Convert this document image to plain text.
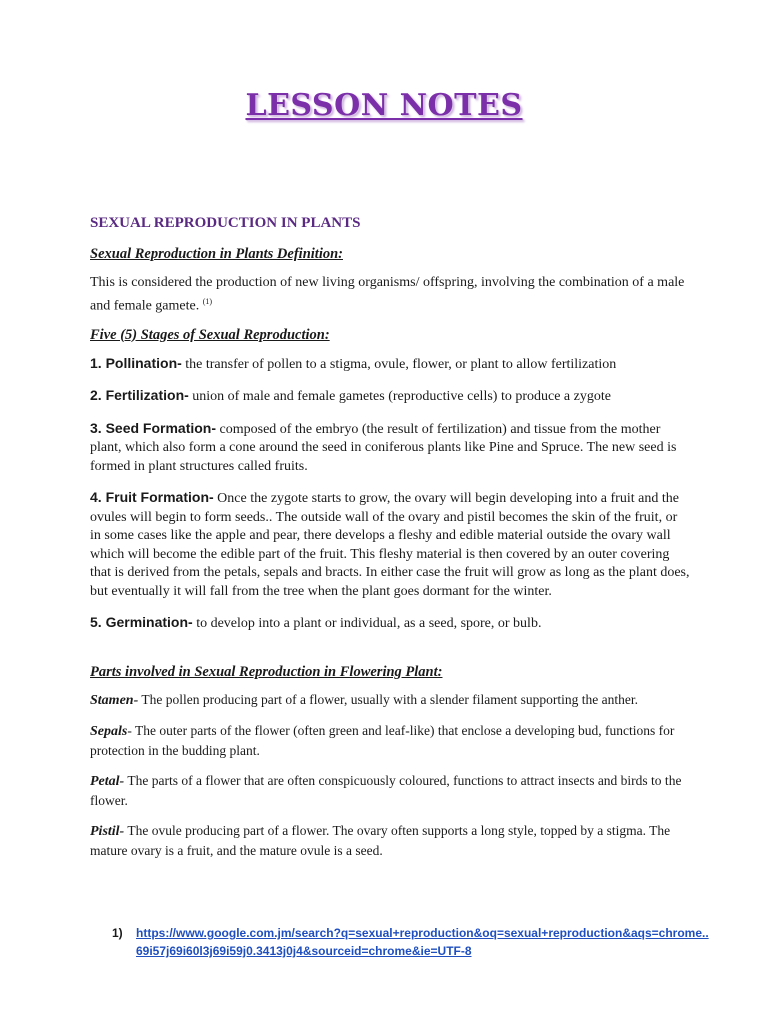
LESSON NOTES
SEXUAL REPRODUCTION IN PLANTS
Sexual Reproduction in Plants Definition:

This is considered the production of new living organisms/ offspring, involving the combination of a male and female gamete. $^{(1)}$

Five (5) Stages of Sexual Reproduction:

1. Pollination- the transfer of pollen to a stigma, ovule, flower, or plant to allow fertilization

2. Fertilization- union of male and female gametes (reproductive cells) to produce a zygote

3. Seed Formation- composed of the embryo (the result of fertilization) and tissue from the mother plant, which also form a cone around the seed in coniferous plants like Pine and Spruce. The new seed is formed in plant structures called fruits.

4. Fruit Formation- Once the zygote starts to grow, the ovary will begin developing into a fruit and the ovules will begin to form seeds.. The outside wall of the ovary and pistil becomes the skin of the fruit, or in some cases like the apple and pear, there develops a fleshy and edible material outside the ovary wall which will become the edible part of the fruit. This fleshy material is then covered by an outer covering that is derived from the petals, sepals and bracts. In either case the fruit will grow as long as the plant does, but eventually it will fall from the tree when the plant goes dormant for the winter.

5. Germination- to develop into a plant or individual, as a seed, spore, or bulb.

Parts involved in Sexual Reproduction in Flowering Plant:

Stamen- The pollen producing part of a flower, usually with a slender filament supporting the anther.

Sepals- The outer parts of the flower (often green and leaf-like) that enclose a developing bud, functions for protection in the budding plant.

Petal- The parts of a flower that are often conspicuously coloured, functions to attract insects and birds to the flower.

Pistil- The ovule producing part of a flower. The ovary often supports a long style, topped by a stigma. The mature ovary is a fruit, and the mature ovule is a seed.

1) https://www.google.com.jm/search?q=sexual+reproduction&oq=sexual+reproduction&aqs=chrome..69i57j69i60l3j69i59j0.3413j0j4&sourceid=chrome&ie=UTF-8
